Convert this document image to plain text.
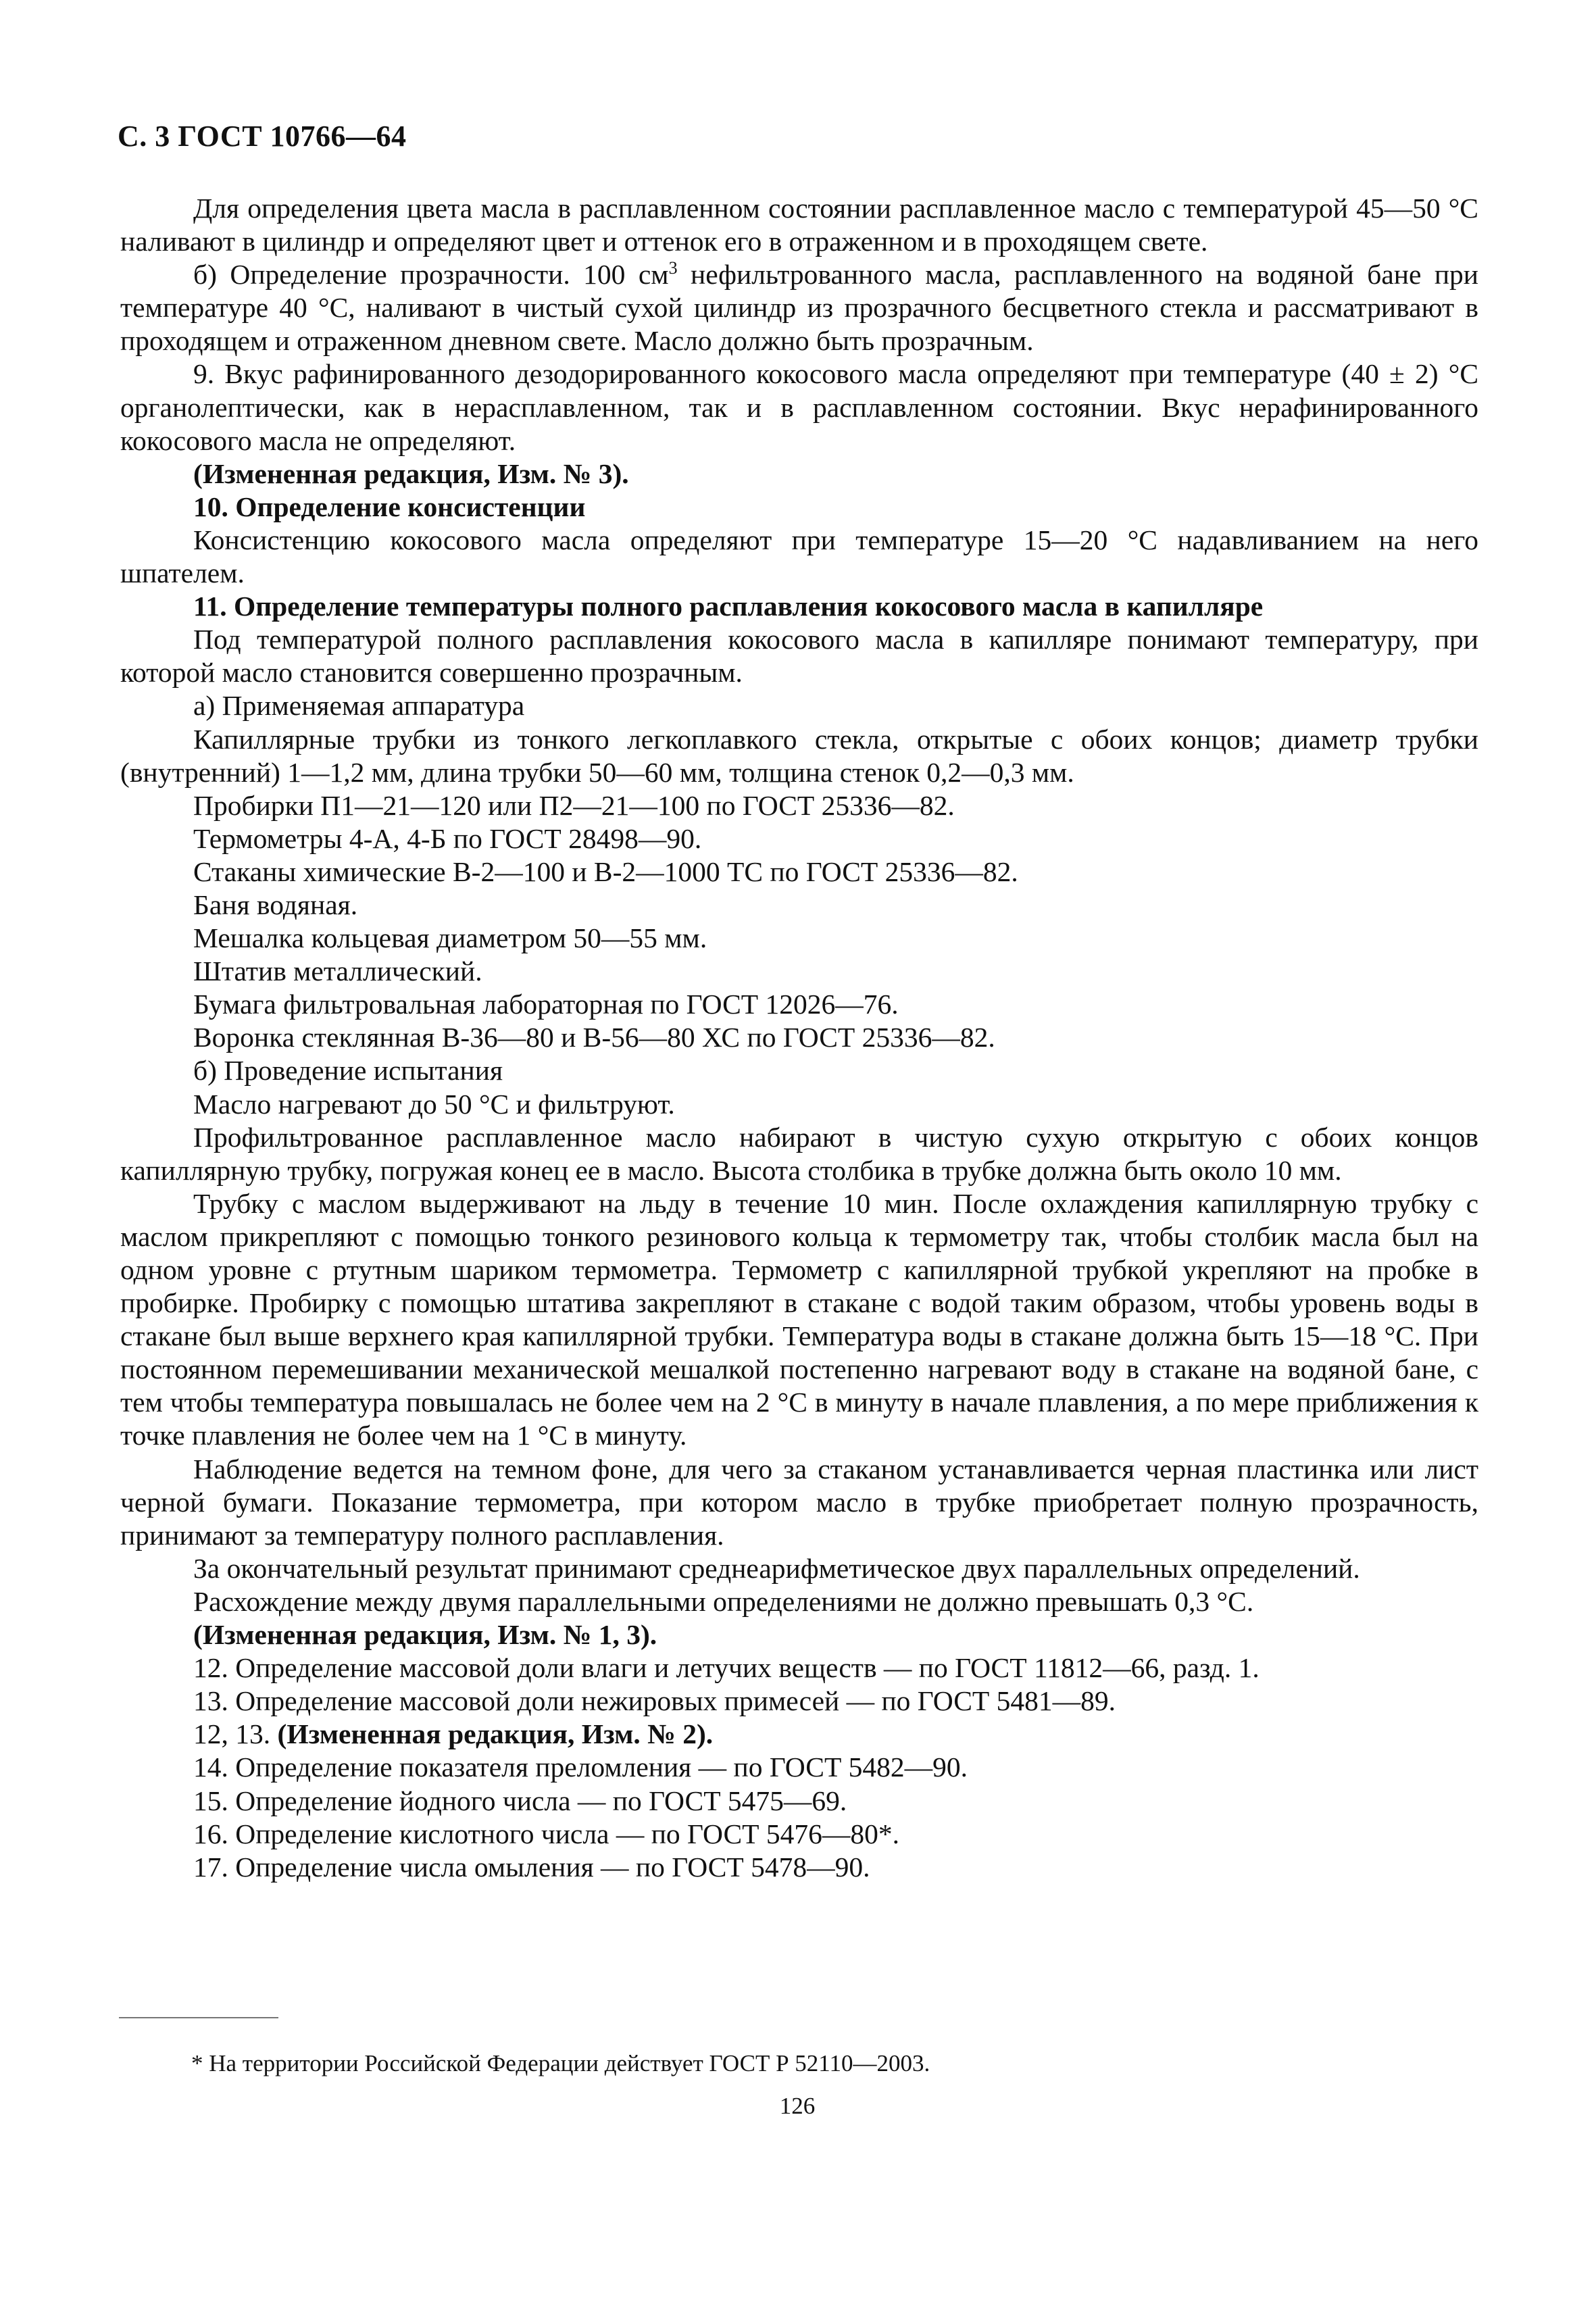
С. 3 ГОСТ 10766—64

Для определения цвета масла в расплавленном состоянии расплавленное масло с температурой 45—50 °С наливают в цилиндр и определяют цвет и оттенок его в отраженном и в проходящем свете.

б) Определение прозрачности. 100 $см^3$ нефильтрованного масла, расплавленного на водяной бане при температуре 40 °С, наливают в чистый сухой цилиндр из прозрачного бесцветного стекла и рассматривают в проходящем и отраженном дневном свете. Масло должно быть прозрачным.

9. Вкус рафинированного дезодорированного кокосового масла определяют при температуре (40 ± 2) °С органолептически, как в нерасплавленном, так и в расплавленном состоянии. Вкус нерафинированного кокосового масла не определяют.

(Измененная редакция, Изм. № 3).

10. Определение консистенции

Консистенцию кокосового масла определяют при температуре 15—20 °С надавливанием на него шпателем.

11. Определение температуры полного расплавления кокосового масла в капилляре

Под температурой полного расплавления кокосового масла в капилляре понимают температуру, при которой масло становится совершенно прозрачным.

а) Применяемая аппаратура

Капиллярные трубки из тонкого легкоплавкого стекла, открытые с обоих концов; диаметр трубки (внутренний) 1—1,2 мм, длина трубки 50—60 мм, толщина стенок 0,2—0,3 мм.

Пробирки П1—21—120 или П2—21—100 по ГОСТ 25336—82.

Термометры 4-А, 4-Б по ГОСТ 28498—90.

Стаканы химические В-2—100 и В-2—1000 ТС по ГОСТ 25336—82.

Баня водяная.

Мешалка кольцевая диаметром 50—55 мм.

Штатив металлический.

Бумага фильтровальная лабораторная по ГОСТ 12026—76.

Воронка стеклянная В-36—80 и В-56—80 ХС по ГОСТ 25336—82.

б) Проведение испытания

Масло нагревают до 50 °С и фильтруют.

Профильтрованное расплавленное масло набирают в чистую сухую открытую с обоих концов капиллярную трубку, погружая конец ее в масло. Высота столбика в трубке должна быть около 10 мм.

Трубку с маслом выдерживают на льду в течение 10 мин. После охлаждения капиллярную трубку с маслом прикрепляют с помощью тонкого резинового кольца к термометру так, чтобы столбик масла был на одном уровне с ртутным шариком термометра. Термометр с капиллярной трубкой укрепляют на пробке в пробирке. Пробирку с помощью штатива закрепляют в стакане с водой таким образом, чтобы уровень воды в стакане был выше верхнего края капиллярной трубки. Температура воды в стакане должна быть 15—18 °С. При постоянном перемешивании механической мешалкой постепенно нагревают воду в стакане на водяной бане, с тем чтобы температура повышалась не более чем на 2 °С в минуту в начале плавления, а по мере приближения к точке плавления не более чем на 1 °С в минуту.

Наблюдение ведется на темном фоне, для чего за стаканом устанавливается черная пластинка или лист черной бумаги. Показание термометра, при котором масло в трубке приобретает полную прозрачность, принимают за температуру полного расплавления.

За окончательный результат принимают среднеарифметическое двух параллельных определений.

Расхождение между двумя параллельными определениями не должно превышать 0,3 °С.

(Измененная редакция, Изм. № 1, 3).

12. Определение массовой доли влаги и летучих веществ — по ГОСТ 11812—66, разд. 1.

13. Определение массовой доли нежировых примесей — по ГОСТ 5481—89.

12, 13. (Измененная редакция, Изм. № 2).

14. Определение показателя преломления — по ГОСТ 5482—90.

15. Определение йодного числа — по ГОСТ 5475—69.

16. Определение кислотного числа — по ГОСТ 5476—80*.

17. Определение числа омыления — по ГОСТ 5478—90.

* На территории Российской Федерации действует ГОСТ Р 52110—2003.
126
